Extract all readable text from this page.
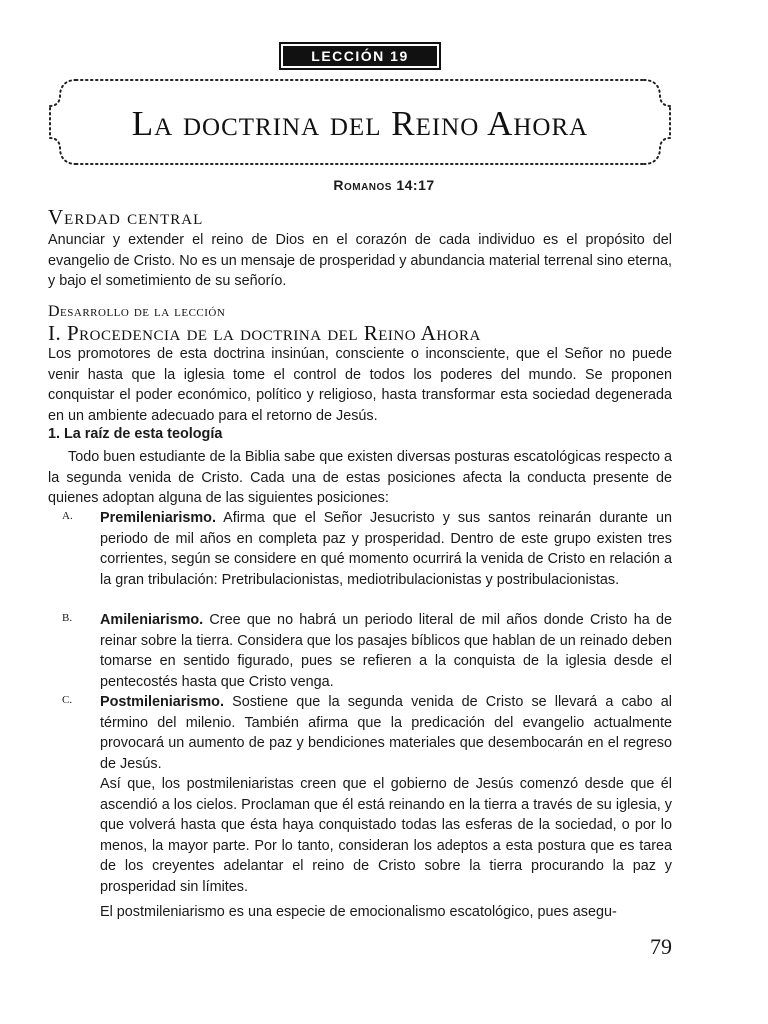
LECCIÓN 19
La doctrina del Reino Ahora
Romanos 14:17
Verdad central
Anunciar y extender el reino de Dios en el corazón de cada individuo es el propósito del evangelio de Cristo. No es un mensaje de prosperidad y abundancia material terrenal sino eterna, y bajo el sometimiento de su señorío.
Desarrollo de la lección
I. Procedencia de la doctrina del Reino Ahora
Los promotores de esta doctrina insinúan, consciente o inconsciente, que el Señor no puede venir hasta que la iglesia tome el control de todos los poderes del mundo. Se proponen conquistar el poder económico, político y religioso, hasta transformar esta sociedad degenerada en un ambiente adecuado para el retorno de Jesús.
1. La raíz de esta teología
Todo buen estudiante de la Biblia sabe que existen diversas posturas escatológicas respecto a la segunda venida de Cristo. Cada una de estas posiciones afecta la conducta presente de quienes adoptan alguna de las siguientes posiciones:
A. Premileniarismo. Afirma que el Señor Jesucristo y sus santos reinarán durante un periodo de mil años en completa paz y prosperidad. Dentro de este grupo existen tres corrientes, según se considere en qué momento ocurrirá la venida de Cristo en relación a la gran tribulación: Pretribulacionistas, mediotribulacionistas y postribulacionistas.
B. Amileniarismo. Cree que no habrá un periodo literal de mil años donde Cristo ha de reinar sobre la tierra. Considera que los pasajes bíblicos que hablan de un reinado deben tomarse en sentido figurado, pues se refieren a la conquista de la iglesia desde el pentecostés hasta que Cristo venga.
C. Postmileniarismo. Sostiene que la segunda venida de Cristo se llevará a cabo al término del milenio. También afirma que la predicación del evangelio actualmente provocará un aumento de paz y bendiciones materiales que desembocarán en el regreso de Jesús.
Así que, los postmileniaristas creen que el gobierno de Jesús comenzó desde que él ascendió a los cielos. Proclaman que él está reinando en la tierra a través de su iglesia, y que volverá hasta que ésta haya conquistado todas las esferas de la sociedad, o por lo menos, la mayor parte. Por lo tanto, consideran los adeptos a esta postura que es tarea de los creyentes adelantar el reino de Cristo sobre la tierra procurando la paz y prosperidad sin límites.
El postmileniarismo es una especie de emocionalismo escatológico, pues asegu-
79
